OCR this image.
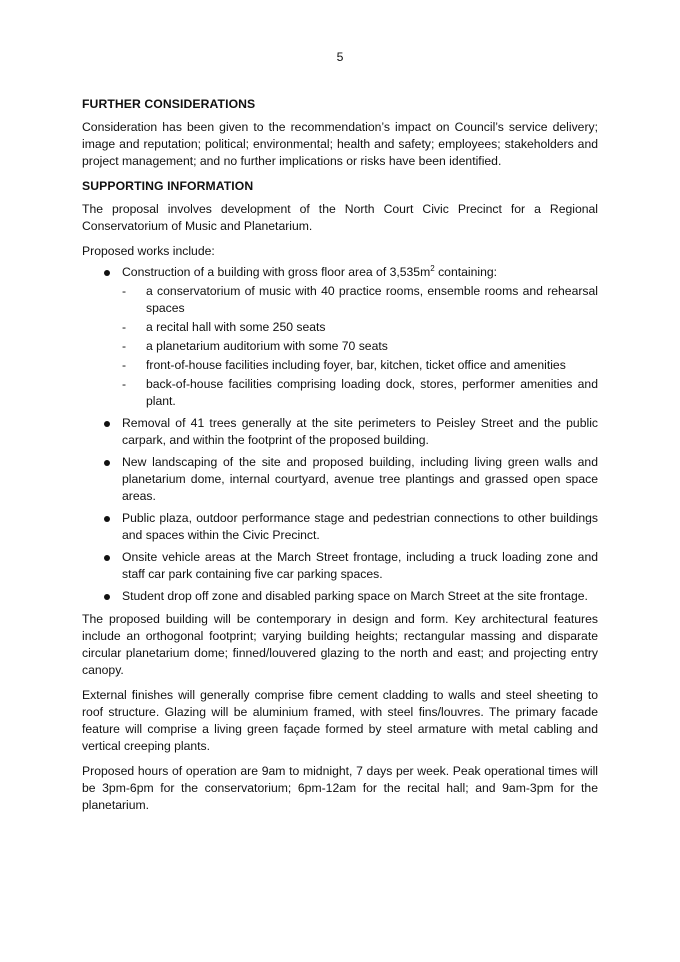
5
FURTHER CONSIDERATIONS

Consideration has been given to the recommendation’s impact on Council’s service delivery; image and reputation; political; environmental; health and safety; employees; stakeholders and project management; and no further implications or risks have been identified.

SUPPORTING INFORMATION

The proposal involves development of the North Court Civic Precinct for a Regional Conservatorium of Music and Planetarium.

Proposed works include:

Construction of a building with gross floor area of $3,535m^2$ containing:
- a conservatorium of music with 40 practice rooms, ensemble rooms and rehearsal spaces
- a recital hall with some 250 seats
- a planetarium auditorium with some 70 seats
- front-of-house facilities including foyer, bar, kitchen, ticket office and amenities
- back-of-house facilities comprising loading dock, stores, performer amenities and plant.
Removal of 41 trees generally at the site perimeters to Peisley Street and the public carpark, and within the footprint of the proposed building.
New landscaping of the site and proposed building, including living green walls and planetarium dome, internal courtyard, avenue tree plantings and grassed open space areas.
Public plaza, outdoor performance stage and pedestrian connections to other buildings and spaces within the Civic Precinct.
Onsite vehicle areas at the March Street frontage, including a truck loading zone and staff car park containing five car parking spaces.
Student drop off zone and disabled parking space on March Street at the site frontage.

The proposed building will be contemporary in design and form. Key architectural features include an orthogonal footprint; varying building heights; rectangular massing and disparate circular planetarium dome; finned/louvered glazing to the north and east; and projecting entry canopy.

External finishes will generally comprise fibre cement cladding to walls and steel sheeting to roof structure. Glazing will be aluminium framed, with steel fins/louvres. The primary facade feature will comprise a living green façade formed by steel armature with metal cabling and vertical creeping plants.

Proposed hours of operation are 9am to midnight, 7 days per week. Peak operational times will be 3pm-6pm for the conservatorium; 6pm-12am for the recital hall; and 9am-3pm for the planetarium.
